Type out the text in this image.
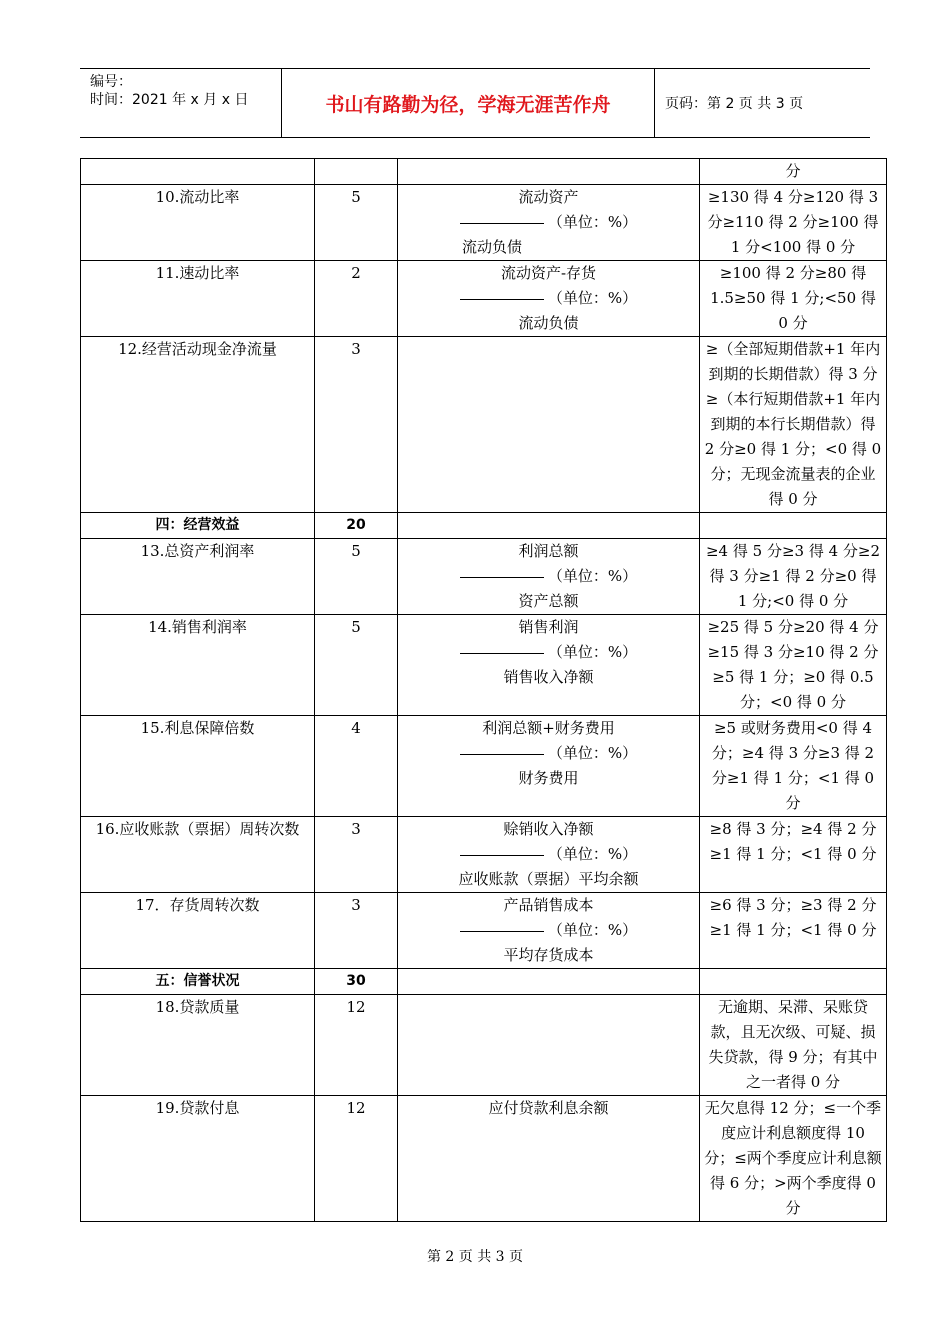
编号：
时间：2021 年 x 月 x 日	书山有路勤为径，学海无涯苦作舟	页码：第 2 页 共 3 页
			分
10.流动比率	5	流动资产
（单位：%）
流动负债	≥130 得 4 分≥120 得 3 分≥110 得 2 分≥100 得 1 分<100 得 0 分
11.速动比率	2	流动资产-存货
（单位：%）
流动负债	≥100 得 2 分≥80 得 1.5≥50 得 1 分;<50 得 0 分
12.经营活动现金净流量	3		≥（全部短期借款+1 年内到期的长期借款）得 3 分≥（本行短期借款+1 年内到期的本行长期借款）得 2 分≥0 得 1 分；<0 得 0 分；无现金流量表的企业得 0 分
四：经营效益	20		
13.总资产利润率	5	利润总额
（单位：%）
资产总额	≥4 得 5 分≥3 得 4 分≥2 得 3 分≥1 得 2 分≥0 得 1 分;<0 得 0 分
14.销售利润率	5	销售利润
（单位：%）
销售收入净额	≥25 得 5 分≥20 得 4 分≥15 得 3 分≥10 得 2 分≥5 得 1 分；≥0 得 0.5 分；<0 得 0 分
15.利息保障倍数	4	利润总额+财务费用
（单位：%）
财务费用	≥5 或财务费用<0 得 4 分；≥4 得 3 分≥3 得 2 分≥1 得 1 分；<1 得 0 分
16.应收账款（票据）周转次数	3	赊销收入净额
（单位：%）
应收账款（票据）平均余额	≥8 得 3 分；≥4 得 2 分≥1 得 1 分；<1 得 0 分
17．存货周转次数	3	产品销售成本
（单位：%）
平均存货成本	≥6 得 3 分；≥3 得 2 分≥1 得 1 分；<1 得 0 分
五：信誉状况	30		
18.贷款质量	12		无逾期、呆滞、呆账贷款，且无次级、可疑、损失贷款，得 9 分；有其中之一者得 0 分
19.贷款付息	12	应付贷款利息余额	无欠息得 12 分；≤一个季度应计利息额度得 10 分；≤两个季度应计利息额得 6 分；>两个季度得 0 分
第 2 页 共 3 页
